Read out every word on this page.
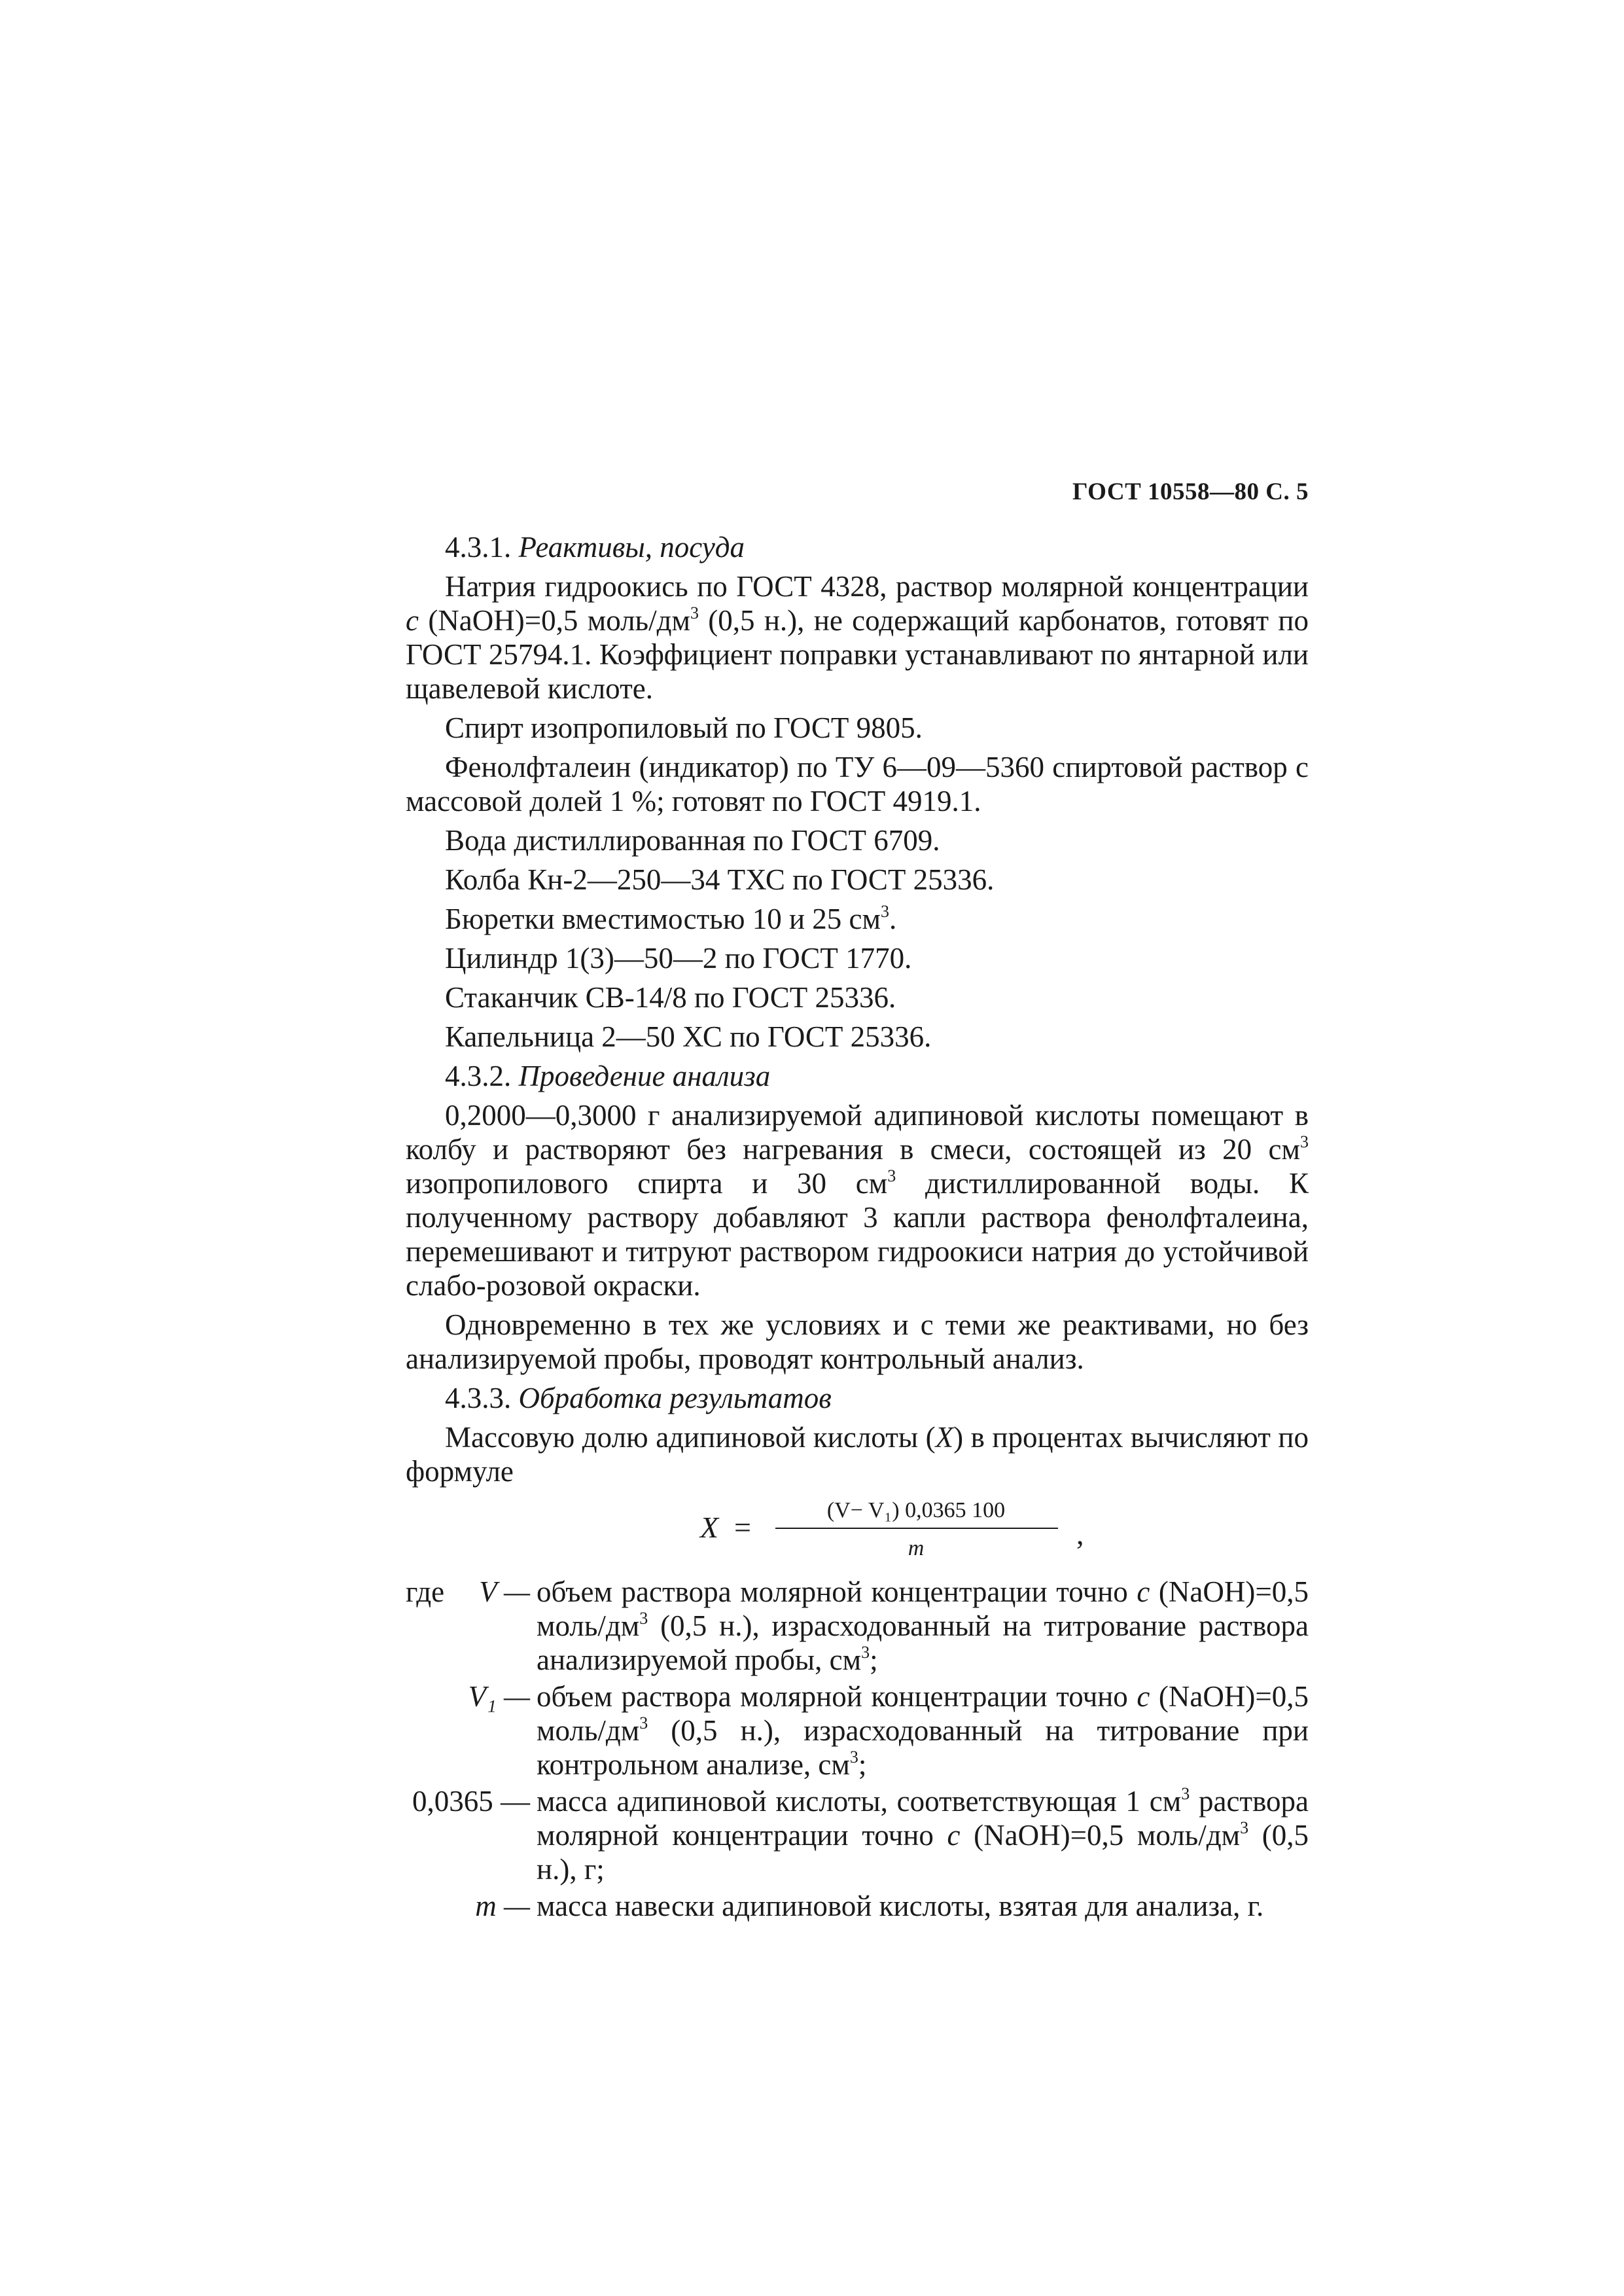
ГОСТ 10558—80 С. 5
4.3.1. Реактивы, посуда
Натрия гидроокись по ГОСТ 4328, раствор молярной концентрации с (NaOH)=0,5 моль/$дм^3$ (0,5 н.), не содержащий карбонатов, готовят по ГОСТ 25794.1. Коэффициент поправки устанавливают по янтарной или щавелевой кислоте.
Спирт изопропиловый по ГОСТ 9805.
Фенолфталеин (индикатор) по ТУ 6—09—5360 спиртовой раствор с массовой долей 1 %; готовят по ГОСТ 4919.1.
Вода дистиллированная по ГОСТ 6709.
Колба Кн-2—250—34 ТХС по ГОСТ 25336.
Бюретки вместимостью 10 и 25 $см^3$.
Цилиндр 1(3)—50—2 по ГОСТ 1770.
Стаканчик СВ-14/8 по ГОСТ 25336.
Капельница 2—50 ХС по ГОСТ 25336.
4.3.2. Проведение анализа
0,2000—0,3000 г анализируемой адипиновой кислоты помещают в колбу и растворяют без нагревания в смеси, состоящей из 20 $см^3$ изопропилового спирта и 30 $см^3$ дистиллированной воды. К полученному раствору добавляют 3 капли раствора фенолфталеина, перемешивают и титруют раствором гидроокиси натрия до устойчивой слабо-розовой окраски.
Одновременно в тех же условиях и с теми же реактивами, но без анализируемой пробы, проводят контрольный анализ.
4.3.3. Обработка результатов
Массовую долю адипиновой кислоты (X) в процентах вычисляют по формуле
X =
(V− V₁) 0,0365 100
m	,
где V — объем раствора молярной концентрации точно с (NaOH)=0,5 моль/$дм^3$ (0,5 н.), израсходованный на титрование раствора анализируемой пробы, $см^3$;
V₁ — объем раствора молярной концентрации точно с (NaOH)=0,5 моль/$дм^3$ (0,5 н.), израсходованный на титрование при контрольном анализе, $см^3$;
0,0365 — масса адипиновой кислоты, соответствующая 1 $см^3$ раствора молярной концентрации точно с (NaOH)=0,5 моль/$дм^3$ (0,5 н.), г;
m — масса навески адипиновой кислоты, взятая для анализа, г.
